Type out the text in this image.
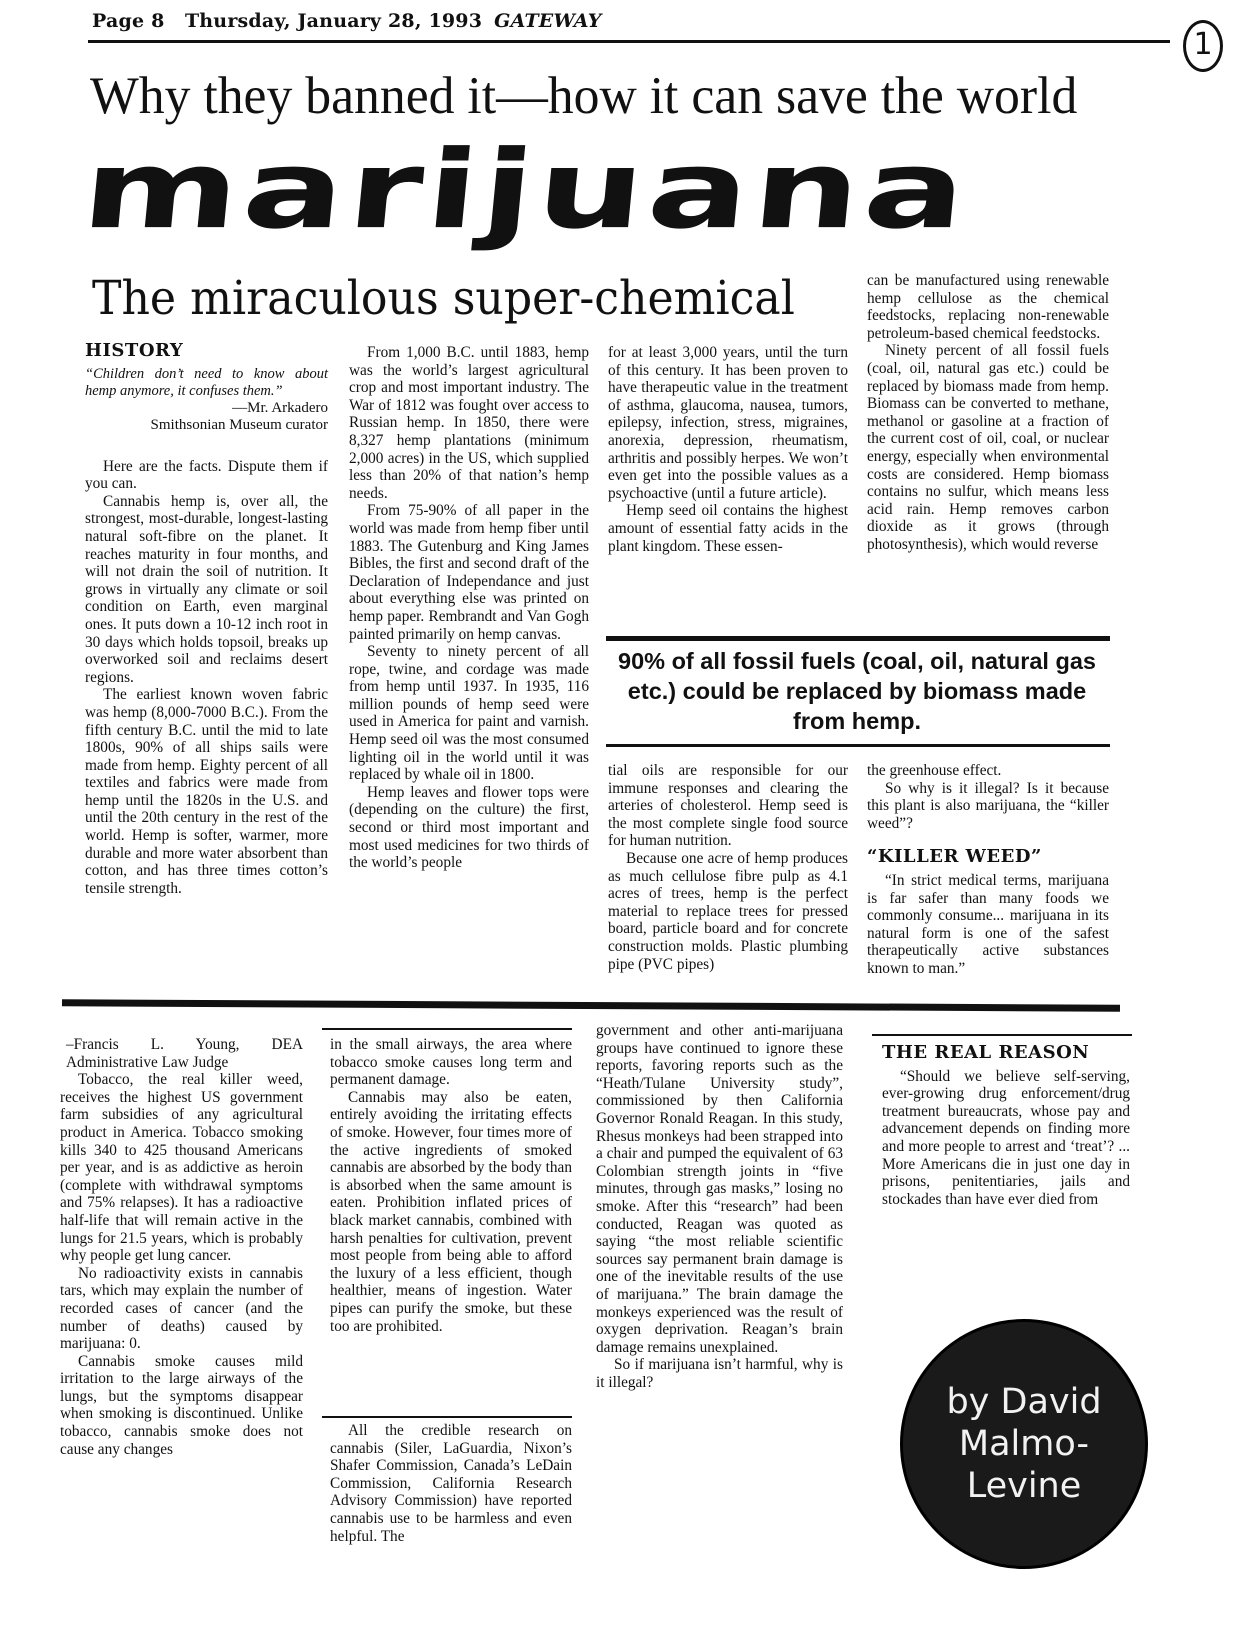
Page 8 Thursday, January 28, 1993 GATEWAY
1
Why they banned it—how it can save the world
marijuana
The miraculous super-chemical
HISTORY
“Children don’t need to know about hemp anymore, it confuses them.”
—Mr. Arkadero
Smithsonian Museum curator

Here are the facts. Dispute them if you can.

Cannabis hemp is, over all, the strongest, most-durable, longest-lasting natural soft-fibre on the planet. It reaches maturity in four months, and will not drain the soil of nutrition. It grows in virtually any climate or soil condition on Earth, even marginal ones. It puts down a 10-12 inch root in 30 days which holds topsoil, breaks up overworked soil and reclaims desert regions.

The earliest known woven fabric was hemp (8,000-7000 B.C.). From the fifth century B.C. until the mid to late 1800s, 90% of all ships sails were made from hemp. Eighty percent of all textiles and fabrics were made from hemp until the 1820s in the U.S. and until the 20th century in the rest of the world. Hemp is softer, warmer, more durable and more water absorbent than cotton, and has three times cotton’s tensile strength.

From 1,000 B.C. until 1883, hemp was the world’s largest agricultural crop and most important industry. The War of 1812 was fought over access to Russian hemp. In 1850, there were 8,327 hemp plantations (minimum 2,000 acres) in the US, which supplied less than 20% of that nation’s hemp needs.

From 75-90% of all paper in the world was made from hemp fiber until 1883. The Gutenburg and King James Bibles, the first and second draft of the Declaration of Independance and just about everything else was printed on hemp paper. Rembrandt and Van Gogh painted primarily on hemp canvas.

Seventy to ninety percent of all rope, twine, and cordage was made from hemp until 1937. In 1935, 116 million pounds of hemp seed were used in America for paint and varnish. Hemp seed oil was the most consumed lighting oil in the world until it was replaced by whale oil in 1800.

Hemp leaves and flower tops were (depending on the culture) the first, second or third most important and most used medicines for two thirds of the world’s people

for at least 3,000 years, until the turn of this century. It has been proven to have therapeutic value in the treatment of asthma, glaucoma, nausea, tumors, epilepsy, infection, stress, migraines, anorexia, depression, rheumatism, arthritis and possibly herpes. We won’t even get into the possible values as a psychoactive (until a future article).

Hemp seed oil contains the highest amount of essential fatty acids in the plant kingdom. These essen-

can be manufactured using renewable hemp cellulose as the chemical feedstocks, replacing non-renewable petroleum-based chemical feedstocks.

Ninety percent of all fossil fuels (coal, oil, natural gas etc.) could be replaced by biomass made from hemp. Biomass can be converted to methane, methanol or gasoline at a fraction of the current cost of oil, coal, or nuclear energy, especially when environmental costs are considered. Hemp biomass contains no sulfur, which means less acid rain. Hemp removes carbon dioxide as it grows (through photosynthesis), which would reverse

90% of all fossil fuels (coal, oil, natural gas etc.) could be replaced by biomass made from hemp.

tial oils are responsible for our immune responses and clearing the arteries of cholesterol. Hemp seed is the most complete single food source for human nutrition.

Because one acre of hemp produces as much cellulose fibre pulp as 4.1 acres of trees, hemp is the perfect material to replace trees for pressed board, particle board and for concrete construction molds. Plastic plumbing pipe (PVC pipes)

the greenhouse effect.

So why is it illegal? Is it because this plant is also marijuana, the “killer weed”?

“KILLER WEED”

“In strict medical terms, marijuana is far safer than many foods we commonly consume... marijuana in its natural form is one of the safest therapeutically active substances known to man.”

–Francis L. Young, DEA Administrative Law Judge

Tobacco, the real killer weed, receives the highest US government farm subsidies of any agricultural product in America. Tobacco smoking kills 340 to 425 thousand Americans per year, and is as addictive as heroin (complete with withdrawal symptoms and 75% relapses). It has a radioactive half-life that will remain active in the lungs for 21.5 years, which is probably why people get lung cancer.

No radioactivity exists in cannabis tars, which may explain the number of recorded cases of cancer (and the number of deaths) caused by marijuana: 0.

Cannabis smoke causes mild irritation to the large airways of the lungs, but the symptoms disappear when smoking is discontinued. Unlike tobacco, cannabis smoke does not cause any changes

in the small airways, the area where tobacco smoke causes long term and permanent damage.

Cannabis may also be eaten, entirely avoiding the irritating effects of smoke. However, four times more of the active ingredients of smoked cannabis are absorbed by the body than is absorbed when the same amount is eaten. Prohibition inflated prices of black market cannabis, combined with harsh penalties for cultivation, prevent most people from being able to afford the luxury of a less efficient, though healthier, means of ingestion. Water pipes can purify the smoke, but these too are prohibited.

All the credible research on cannabis (Siler, LaGuardia, Nixon’s Shafer Commission, Canada’s LeDain Commission, California Research Advisory Commission) have reported cannabis use to be harmless and even helpful. The

government and other anti-marijuana groups have continued to ignore these reports, favoring reports such as the “Heath/Tulane University study”, commissioned by then California Governor Ronald Reagan. In this study, Rhesus monkeys had been strapped into a chair and pumped the equivalent of 63 Colombian strength joints in “five minutes, through gas masks,” losing no smoke. After this “research” had been conducted, Reagan was quoted as saying “the most reliable scientific sources say permanent brain damage is one of the inevitable results of the use of marijuana.” The brain damage the monkeys experienced was the result of oxygen deprivation. Reagan’s brain damage remains unexplained.

So if marijuana isn’t harmful, why is it illegal?

THE REAL REASON

“Should we believe self-serving, ever-growing drug enforcement/drug treatment bureaucrats, whose pay and advancement depends on finding more and more people to arrest and ‘treat’? ... More Americans die in just one day in prisons, penitentiaries, jails and stockades than have ever died from

by David
Malmo-
Levine
